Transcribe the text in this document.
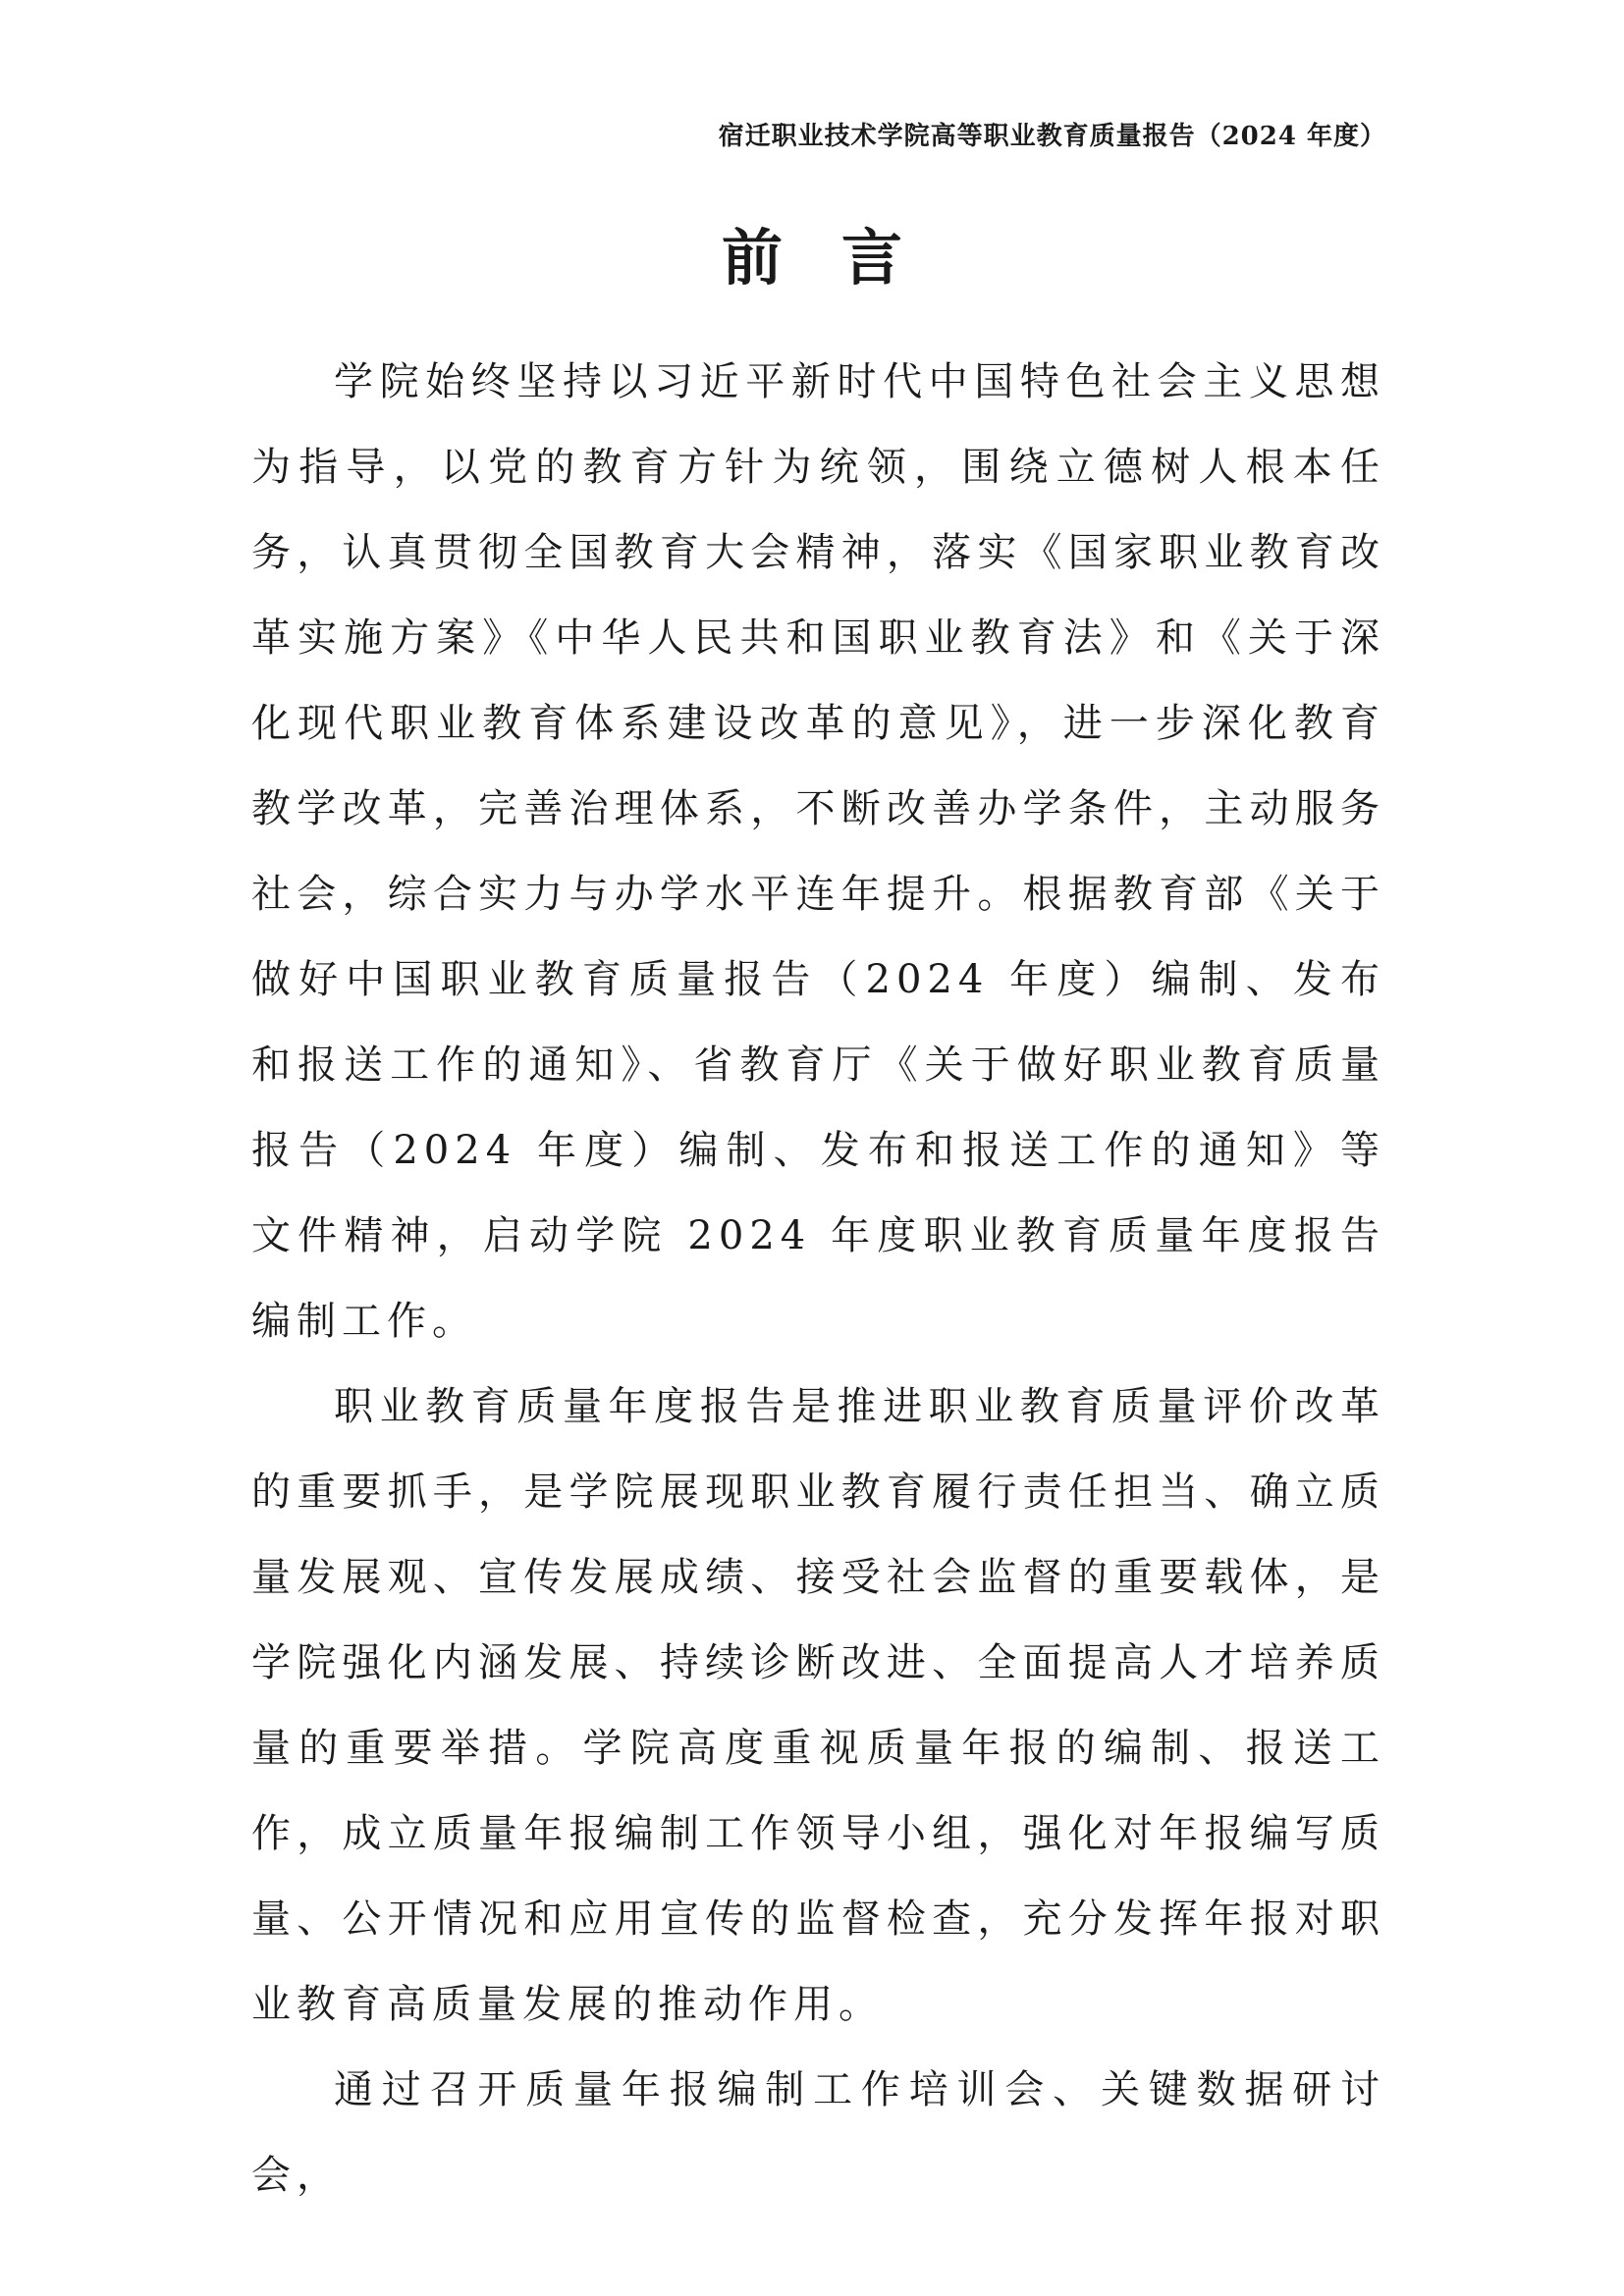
宿迁职业技术学院高等职业教育质量报告（2024 年度）
前言

学院始终坚持以习近平新时代中国特色社会主义思想为指导，以党的教育方针为统领，围绕立德树人根本任务，认真贯彻全国教育大会精神，落实《国家职业教育改革实施方案》《中华人民共和国职业教育法》和《关于深化现代职业教育体系建设改革的意见》，进一步深化教育教学改革，完善治理体系，不断改善办学条件，主动服务社会，综合实力与办学水平连年提升。根据教育部《关于做好中国职业教育质量报告（2024 年度）编制、发布和报送工作的通知》、省教育厅《关于做好职业教育质量报告（2024 年度）编制、发布和报送工作的通知》等文件精神，启动学院 2024 年度职业教育质量年度报告编制工作。

职业教育质量年度报告是推进职业教育质量评价改革的重要抓手，是学院展现职业教育履行责任担当、确立质量发展观、宣传发展成绩、接受社会监督的重要载体，是学院强化内涵发展、持续诊断改进、全面提高人才培养质量的重要举措。学院高度重视质量年报的编制、报送工作，成立质量年报编制工作领导小组，强化对年报编写质量、公开情况和应用宣传的监督检查，充分发挥年报对职业教育高质量发展的推动作用。

通过召开质量年报编制工作培训会、关键数据研讨会，
